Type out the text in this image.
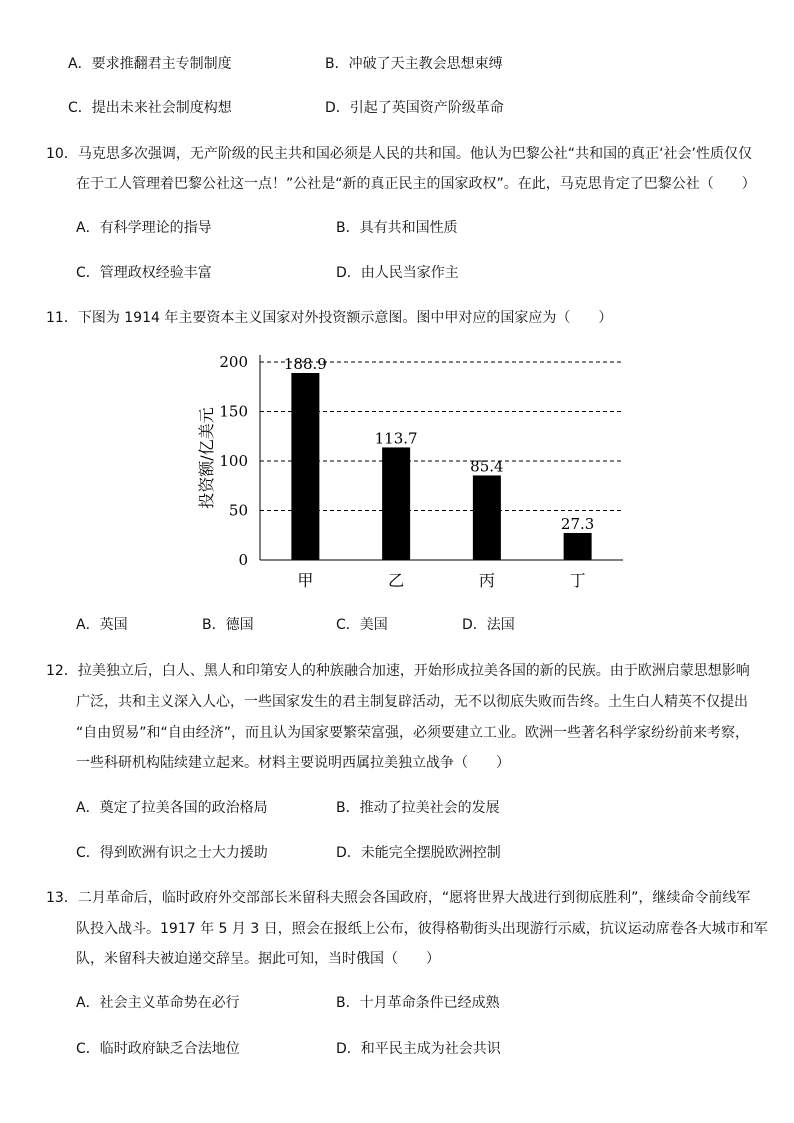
A．要求推翻君主专制制度	B．冲破了天主教会思想束缚
C．提出未来社会制度构想	D．引起了英国资产阶级革命
10．马克思多次强调，无产阶级的民主共和国必须是人民的共和国。他认为巴黎公社“共和国的真正‘社会’性质仅仅
在于工人管理着巴黎公社这一点！”公社是“新的真正民主的国家政权”。在此，马克思肯定了巴黎公社（　　）
A．有科学理论的指导	B．具有共和国性质
C．管理政权经验丰富	D．由人民当家作主
11．下图为 1914 年主要资本主义国家对外投资额示意图。图中甲对应的国家应为（　　）
188.9
113.7
85.4
27.3
0
50
100
150
200
甲	乙	丙	丁
投资额/亿美元
A．英国	B．德国	C．美国	D．法国
12．拉美独立后，白人、黑人和印第安人的种族融合加速，开始形成拉美各国的新的民族。由于欧洲启蒙思想影响
广泛，共和主义深入人心，一些国家发生的君主制复辟活动，无不以彻底失败而告终。土生白人精英不仅提出
“自由贸易”和“自由经济”，而且认为国家要繁荣富强，必须要建立工业。欧洲一些著名科学家纷纷前来考察，
一些科研机构陆续建立起来。材料主要说明西属拉美独立战争（　　）
A．奠定了拉美各国的政治格局	B．推动了拉美社会的发展
C．得到欧洲有识之士大力援助	D．未能完全摆脱欧洲控制
13．二月革命后，临时政府外交部部长米留科夫照会各国政府，“愿将世界大战进行到彻底胜利”，继续命令前线军
队投入战斗。1917 年 5 月 3 日，照会在报纸上公布，彼得格勒街头出现游行示威，抗议运动席卷各大城市和军
队，米留科夫被迫递交辞呈。据此可知，当时俄国（　　）
A．社会主义革命势在必行	B．十月革命条件已经成熟
C．临时政府缺乏合法地位	D．和平民主成为社会共识
